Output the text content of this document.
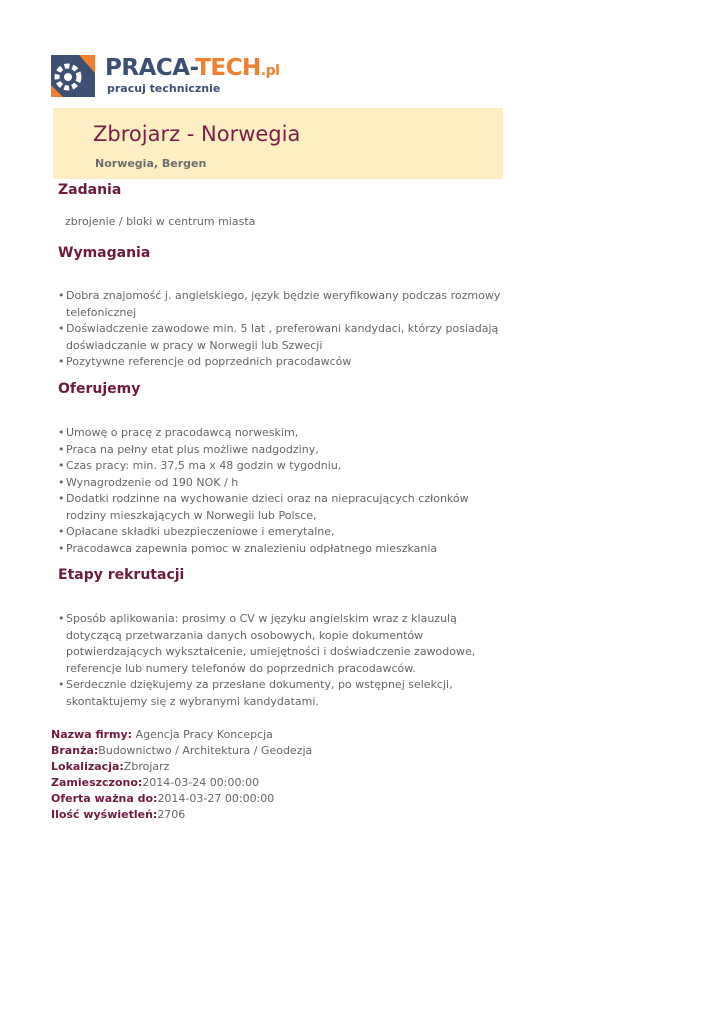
PRACA-TECH.pl
pracuj technicznie
Zbrojarz - Norwegia
Norwegia, Bergen
Zadania
zbrojenie / bloki w centrum miasta
Wymagania
• Dobra znajomość j. angielskiego, język będzie weryfikowany podczas rozmowy telefonicznej
• Doświadczenie zawodowe min. 5 lat , preferowani kandydaci, którzy posiadają doświadczanie w pracy w Norwegii lub Szwecji
• Pozytywne referencje od poprzednich pracodawców
Oferujemy
• Umowę o pracę z pracodawcą norweskim,
• Praca na pełny etat plus możliwe nadgodziny,
• Czas pracy: min. 37,5 ma x 48 godzin w tygodniu,
• Wynagrodzenie od 190 NOK / h
• Dodatki rodzinne na wychowanie dzieci oraz na niepracujących członków rodziny mieszkających w Norwegii lub Polsce,
• Opłacane składki ubezpieczeniowe i emerytalne,
• Pracodawca zapewnia pomoc w znalezieniu odpłatnego mieszkania
Etapy rekrutacji
• Sposób aplikowania: prosimy o CV w języku angielskim wraz z klauzulą dotyczącą przetwarzania danych osobowych, kopie dokumentów potwierdzających wykształcenie, umiejętności i doświadczenie zawodowe, referencje lub numery telefonów do poprzednich pracodawców.
• Serdecznie dziękujemy za przesłane dokumenty, po wstępnej selekcji, skontaktujemy się z wybranymi kandydatami.
Nazwa firmy: Agencja Pracy Koncepcja
Branża:Budownictwo / Architektura / Geodezja
Lokalizacja:Zbrojarz
Zamieszczono:2014-03-24 00:00:00
Oferta ważna do:2014-03-27 00:00:00
Ilość wyświetleń:2706
